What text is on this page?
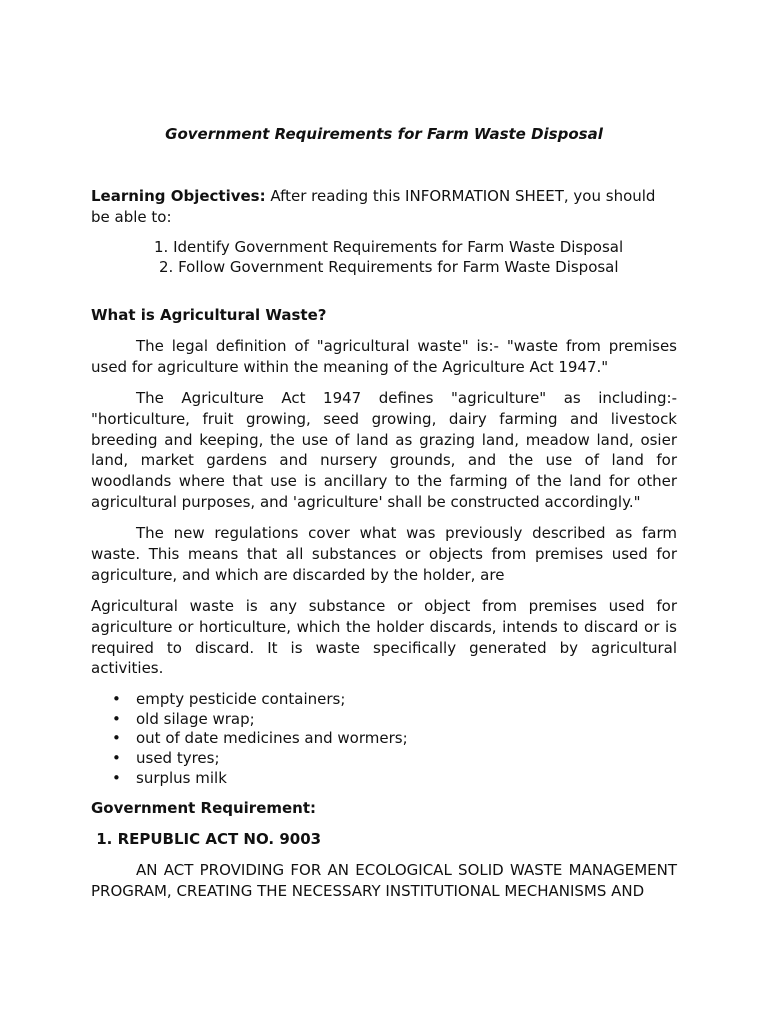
Government Requirements for Farm Waste Disposal

Learning Objectives: After reading this INFORMATION SHEET, you should be able to:

1. Identify Government Requirements for Farm Waste Disposal
2. Follow Government Requirements for Farm Waste Disposal

What is Agricultural Waste?

The legal definition of "agricultural waste" is:- "waste from premises used for agriculture within the meaning of the Agriculture Act 1947."

The Agriculture Act 1947 defines "agriculture" as including:-"horticulture, fruit growing, seed growing, dairy farming and livestock breeding and keeping, the use of land as grazing land, meadow land, osier land, market gardens and nursery grounds, and the use of land for woodlands where that use is ancillary to the farming of the land for other agricultural purposes, and 'agriculture' shall be constructed accordingly."

The new regulations cover what was previously described as farm waste. This means that all substances or objects from premises used for agriculture, and which are discarded by the holder, are

Agricultural waste is any substance or object from premises used for agriculture or horticulture, which the holder discards, intends to discard or is required to discard. It is waste specifically generated by agricultural activities.

• empty pesticide containers;
• old silage wrap;
• out of date medicines and wormers;
• used tyres;
• surplus milk

Government Requirement:

1. REPUBLIC ACT NO. 9003

AN ACT PROVIDING FOR AN ECOLOGICAL SOLID WASTE MANAGEMENT PROGRAM, CREATING THE NECESSARY INSTITUTIONAL MECHANISMS AND
